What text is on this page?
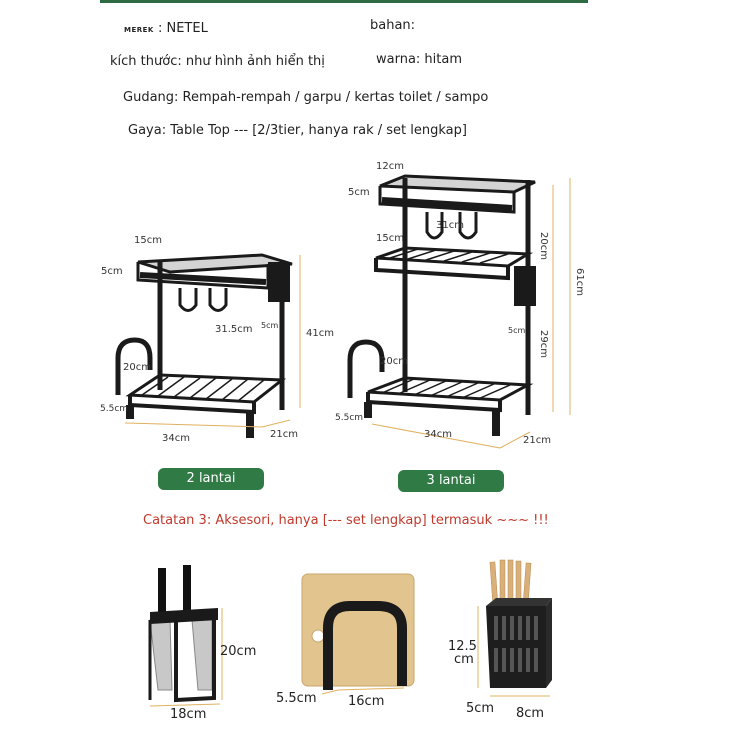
MEREK : NETEL	bahan:
kích thước: như hình ảnh hiển thị	warna: hitam
Gudang: Rempah-rempah / garpu / kertas toilet / sampo
Gaya: Table Top --- [2/3tier, hanya rak / set lengkap]
15cm
5cm
31.5cm 5cm
41cm
20cm
5.5cm
34cm	21cm
12cm
5cm
31cm
15cm	20cm
61cm
5cm 29cm
20cm
5.5cm
34cm
21cm
20cm
18cm
5.5cm 16cm
12.5
cm
5cm 8cm
2 lantai	3 lantai
Catatan 3: Aksesori, hanya [--- set lengkap] termasuk ~~~ !!!
